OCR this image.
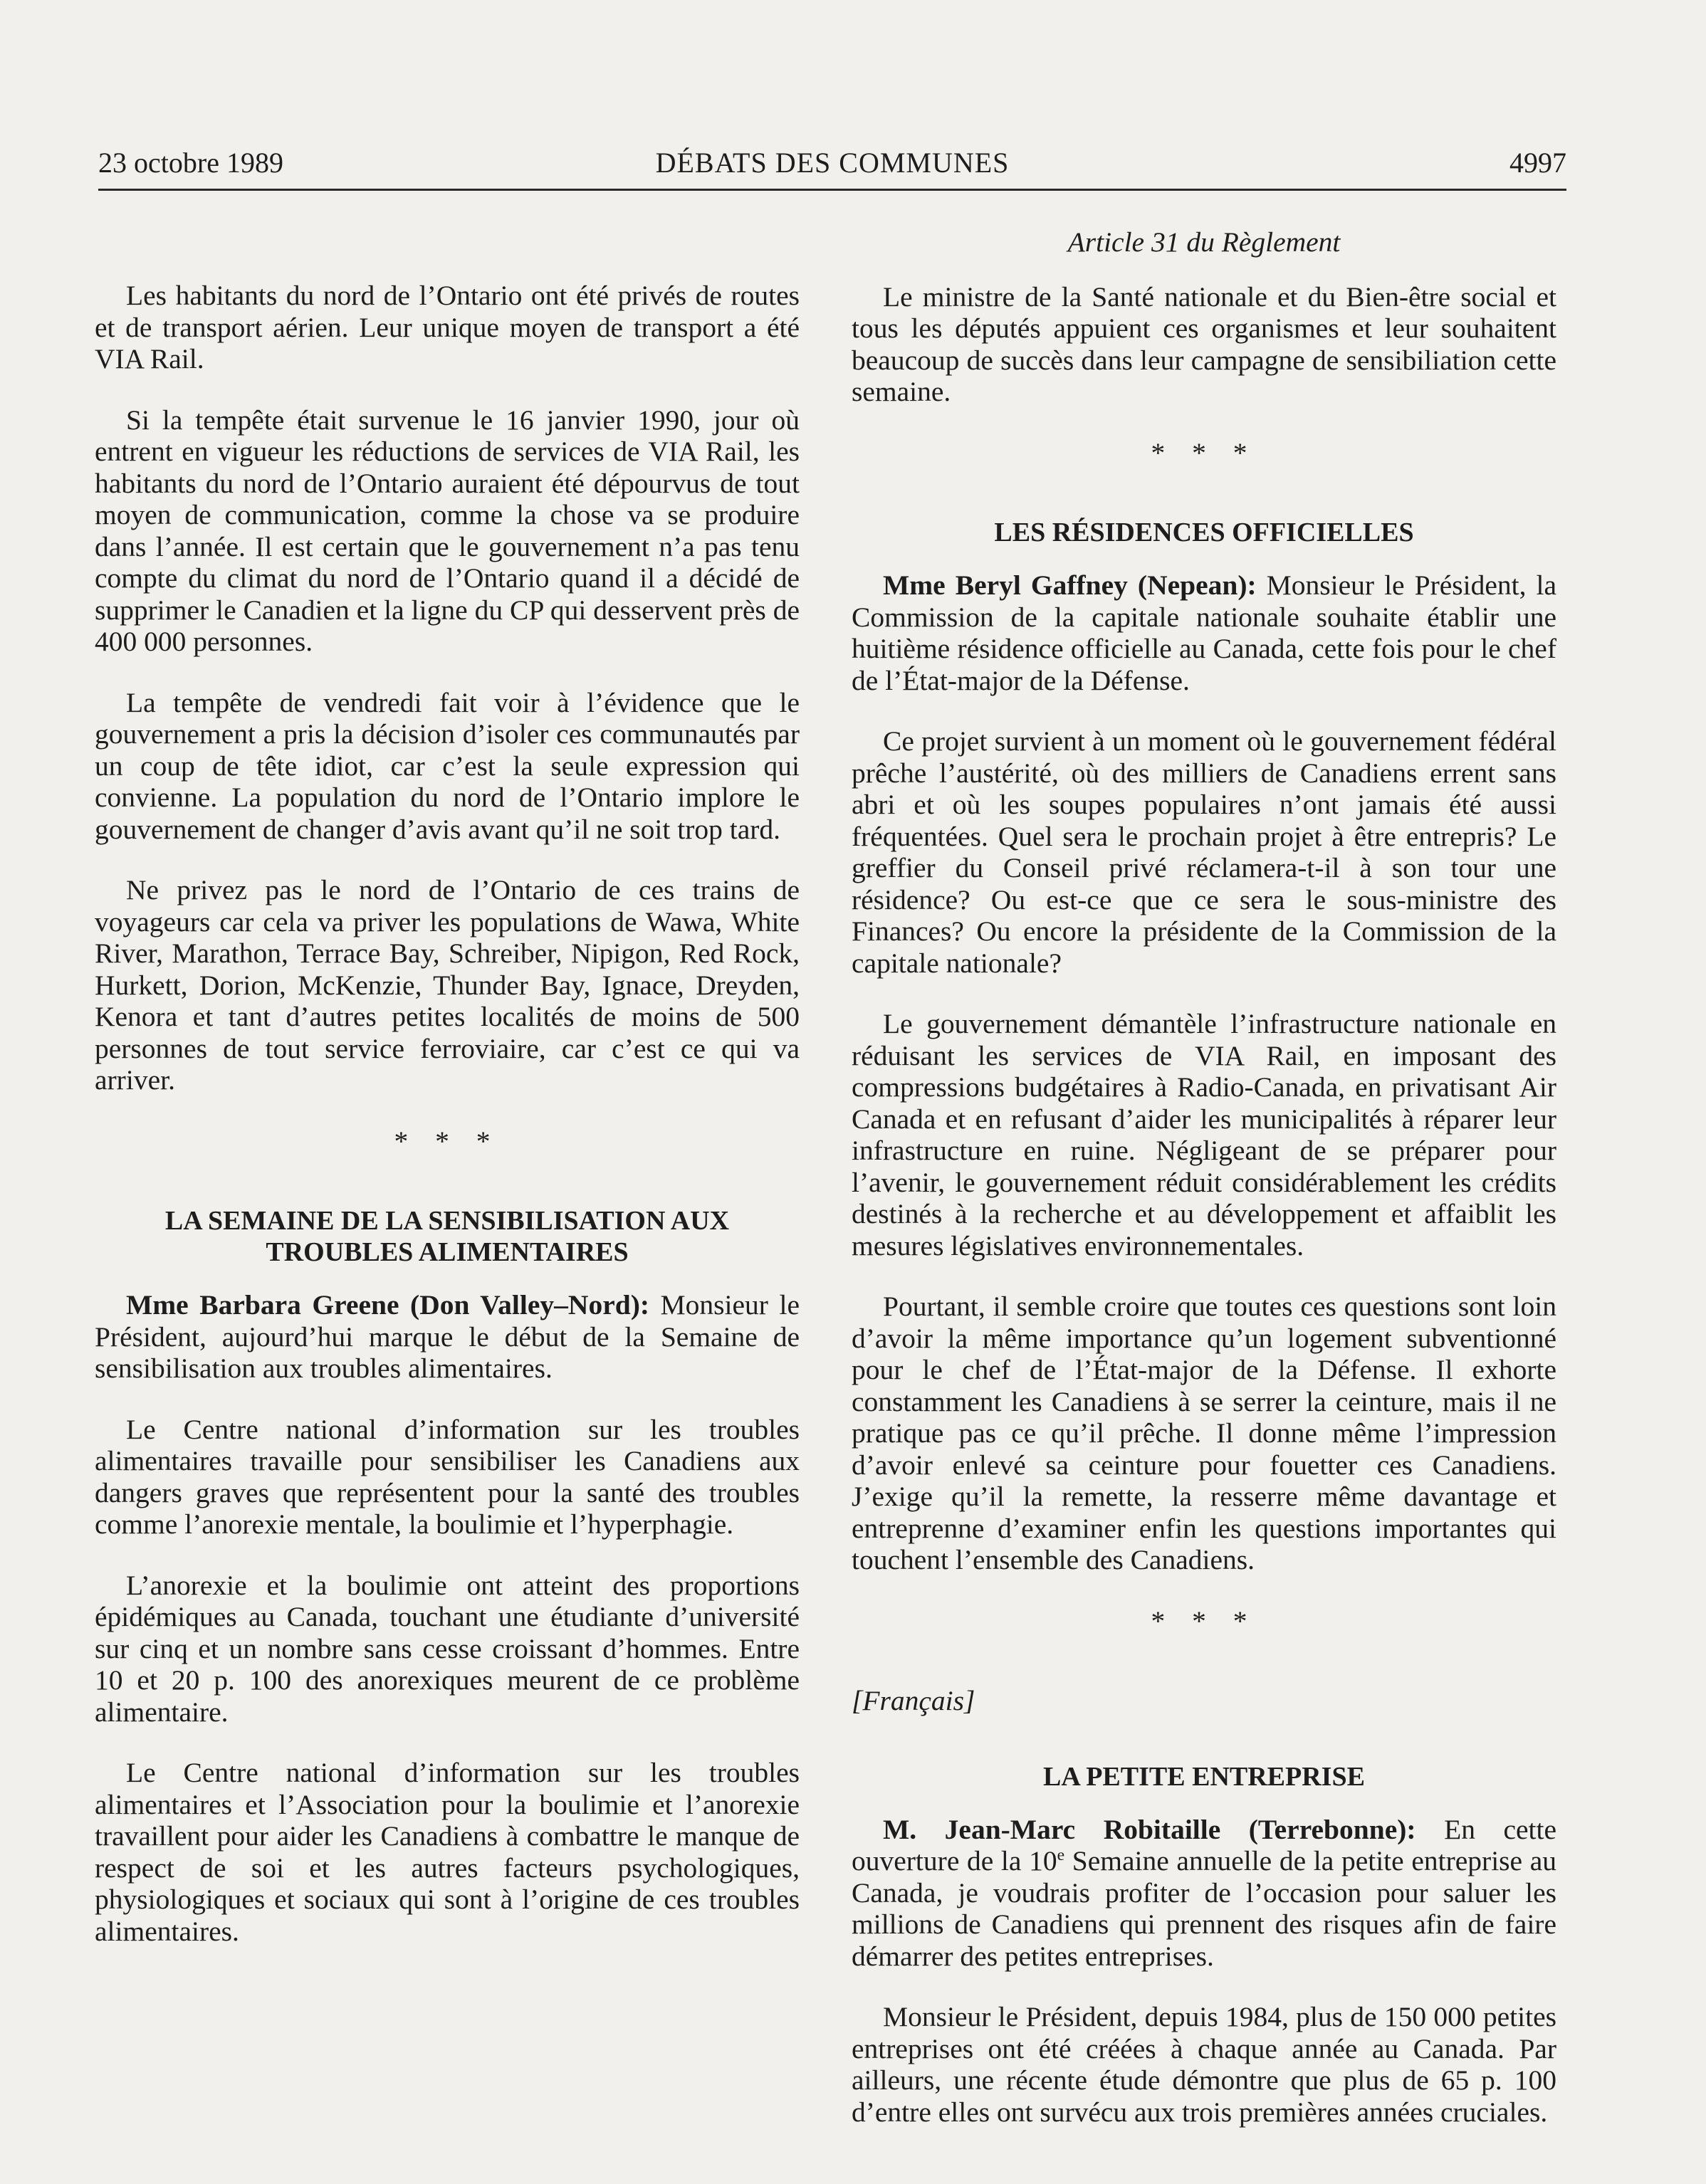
23 octobre 1989	DÉBATS DES COMMUNES	4997

Les habitants du nord de l’Ontario ont été privés de routes et de transport aérien. Leur unique moyen de transport a été VIA Rail.

Si la tempête était survenue le 16 janvier 1990, jour où entrent en vigueur les réductions de services de VIA Rail, les habitants du nord de l’Ontario auraient été dépourvus de tout moyen de communication, comme la chose va se produire dans l’année. Il est certain que le gouvernement n’a pas tenu compte du climat du nord de l’Ontario quand il a décidé de supprimer le Canadien et la ligne du CP qui desservent près de 400 000 personnes.

La tempête de vendredi fait voir à l’évidence que le gouvernement a pris la décision d’isoler ces communautés par un coup de tête idiot, car c’est la seule expression qui convienne. La population du nord de l’Ontario implore le gouvernement de changer d’avis avant qu’il ne soit trop tard.

Ne privez pas le nord de l’Ontario de ces trains de voyageurs car cela va priver les populations de Wawa, White River, Marathon, Terrace Bay, Schreiber, Nipigon, Red Rock, Hurkett, Dorion, McKenzie, Thunder Bay, Ignace, Dreyden, Kenora et tant d’autres petites localités de moins de 500 personnes de tout service ferroviaire, car c’est ce qui va arriver.

* * *
LA SEMAINE DE LA SENSIBILISATION AUX TROUBLES ALIMENTAIRES

Mme Barbara Greene (Don Valley–Nord): Monsieur le Président, aujourd’hui marque le début de la Semaine de sensibilisation aux troubles alimentaires.

Le Centre national d’information sur les troubles alimentaires travaille pour sensibiliser les Canadiens aux dangers graves que représentent pour la santé des troubles comme l’anorexie mentale, la boulimie et l’hyperphagie.

L’anorexie et la boulimie ont atteint des proportions épidémiques au Canada, touchant une étudiante d’université sur cinq et un nombre sans cesse croissant d’hommes. Entre 10 et 20 p. 100 des anorexiques meurent de ce problème alimentaire.

Le Centre national d’information sur les troubles alimentaires et l’Association pour la boulimie et l’anorexie travaillent pour aider les Canadiens à combattre le manque de respect de soi et les autres facteurs psychologiques, physiologiques et sociaux qui sont à l’origine de ces troubles alimentaires.

Article 31 du Règlement

Le ministre de la Santé nationale et du Bien-être social et tous les députés appuient ces organismes et leur souhaitent beaucoup de succès dans leur campagne de sensibiliation cette semaine.

* * *
LES RÉSIDENCES OFFICIELLES

Mme Beryl Gaffney (Nepean): Monsieur le Président, la Commission de la capitale nationale souhaite établir une huitième résidence officielle au Canada, cette fois pour le chef de l’État-major de la Défense.

Ce projet survient à un moment où le gouvernement fédéral prêche l’austérité, où des milliers de Canadiens errent sans abri et où les soupes populaires n’ont jamais été aussi fréquentées. Quel sera le prochain projet à être entrepris? Le greffier du Conseil privé réclamera-t-il à son tour une résidence? Ou est-ce que ce sera le sous-ministre des Finances? Ou encore la présidente de la Commission de la capitale nationale?

Le gouvernement démantèle l’infrastructure nationale en réduisant les services de VIA Rail, en imposant des compressions budgétaires à Radio-Canada, en privatisant Air Canada et en refusant d’aider les municipalités à réparer leur infrastructure en ruine. Négligeant de se préparer pour l’avenir, le gouvernement réduit considérablement les crédits destinés à la recherche et au développement et affaiblit les mesures législatives environnementales.

Pourtant, il semble croire que toutes ces questions sont loin d’avoir la même importance qu’un logement subventionné pour le chef de l’État-major de la Défense. Il exhorte constamment les Canadiens à se serrer la ceinture, mais il ne pratique pas ce qu’il prêche. Il donne même l’impression d’avoir enlevé sa ceinture pour fouetter ces Canadiens. J’exige qu’il la remette, la resserre même davantage et entreprenne d’examiner enfin les questions importantes qui touchent l’ensemble des Canadiens.

* * *

[Français]

LA PETITE ENTREPRISE

M. Jean-Marc Robitaille (Terrebonne): En cette ouverture de la 10e Semaine annuelle de la petite entreprise au Canada, je voudrais profiter de l’occasion pour saluer les millions de Canadiens qui prennent des risques afin de faire démarrer des petites entreprises.

Monsieur le Président, depuis 1984, plus de 150 000 petites entreprises ont été créées à chaque année au Canada. Par ailleurs, une récente étude démontre que plus de 65 p. 100 d’entre elles ont survécu aux trois premières années cruciales.
